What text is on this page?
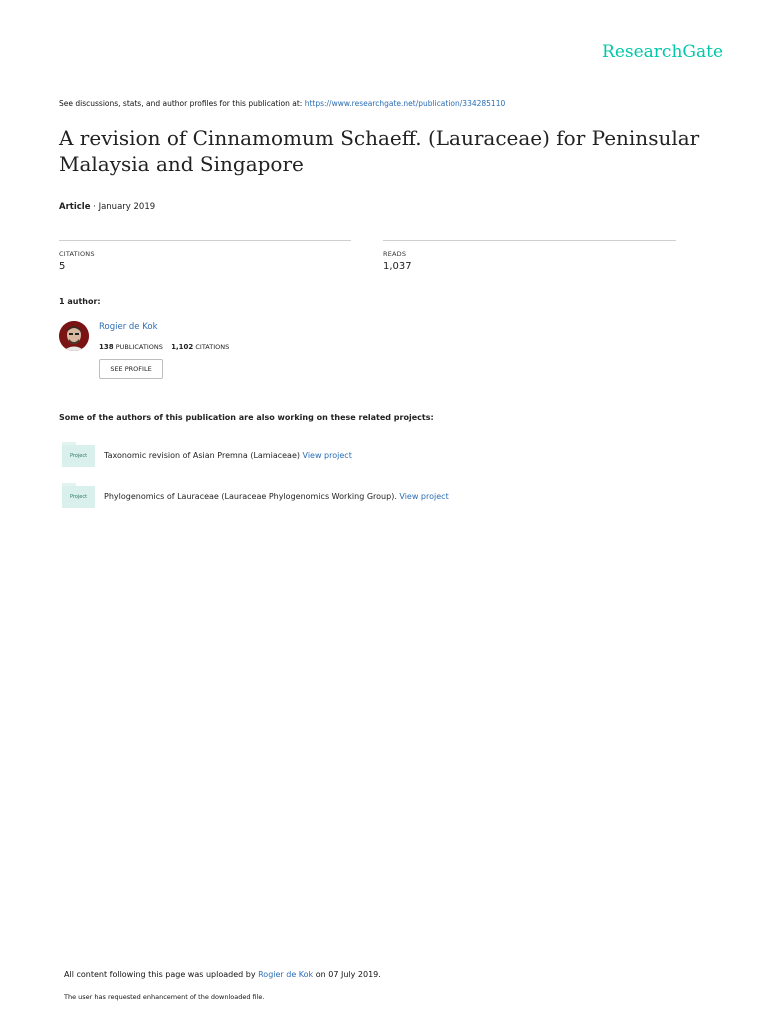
ResearchGate
See discussions, stats, and author profiles for this publication at: https://www.researchgate.net/publication/334285110
A revision of Cinnamomum Schaeff. (Lauraceae) for Peninsular Malaysia and Singapore
Article · January 2019
CITATIONS
5
READS
1,037
1 author:
Rogier de Kok
138 PUBLICATIONS 1,102 CITATIONS
SEE PROFILE
Some of the authors of this publication are also working on these related projects:
Project	Taxonomic revision of Asian Premna (Lamiaceae) View project
Project	Phylogenomics of Lauraceae (Lauraceae Phylogenomics Working Group). View project
All content following this page was uploaded by Rogier de Kok on 07 July 2019.
The user has requested enhancement of the downloaded file.
